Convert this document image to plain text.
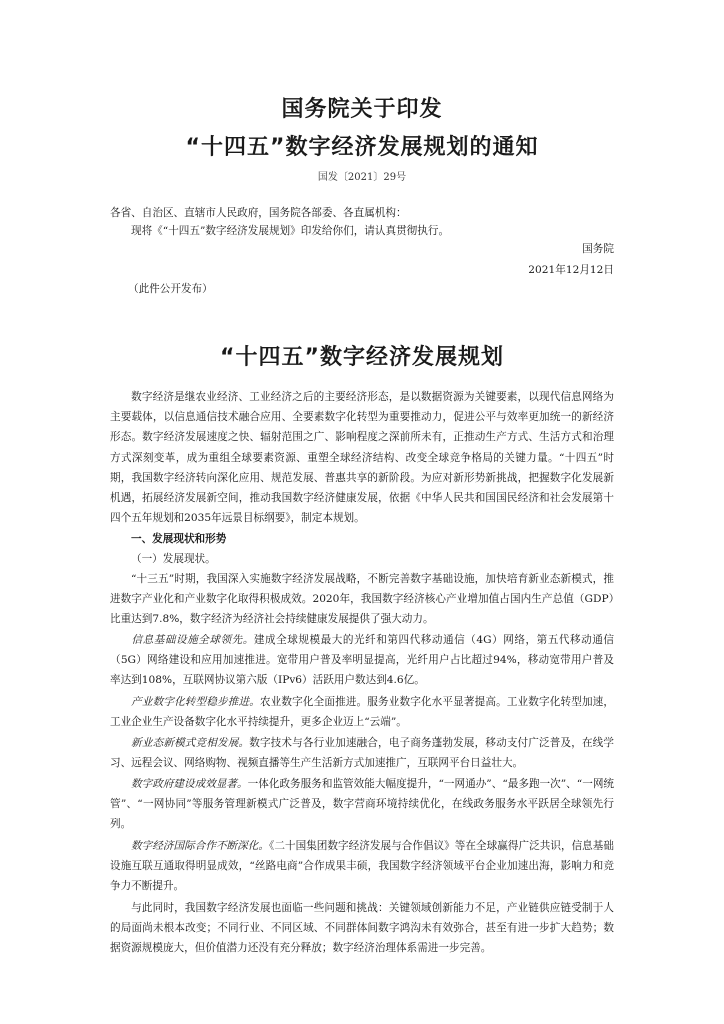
国务院关于印发
“十四五”数字经济发展规划的通知
国发〔2021〕29号
各省、自治区、直辖市人民政府，国务院各部委、各直属机构：
现将《“十四五”数字经济发展规划》印发给你们，请认真贯彻执行。
国务院
2021年12月12日
（此件公开发布）
“十四五”数字经济发展规划
数字经济是继农业经济、工业经济之后的主要经济形态，是以数据资源为关键要素，以现代信息网络为主要载体，以信息通信技术融合应用、全要素数字化转型为重要推动力，促进公平与效率更加统一的新经济形态。数字经济发展速度之快、辐射范围之广、影响程度之深前所未有，正推动生产方式、生活方式和治理方式深刻变革，成为重组全球要素资源、重塑全球经济结构、改变全球竞争格局的关键力量。“十四五”时期，我国数字经济转向深化应用、规范发展、普惠共享的新阶段。为应对新形势新挑战，把握数字化发展新机遇，拓展经济发展新空间，推动我国数字经济健康发展，依据《中华人民共和国国民经济和社会发展第十四个五年规划和2035年远景目标纲要》，制定本规划。
一、发展现状和形势
（一）发展现状。
“十三五”时期，我国深入实施数字经济发展战略，不断完善数字基础设施，加快培育新业态新模式，推进数字产业化和产业数字化取得积极成效。2020年，我国数字经济核心产业增加值占国内生产总值（GDP）比重达到7.8%，数字经济为经济社会持续健康发展提供了强大动力。
信息基础设施全球领先。建成全球规模最大的光纤和第四代移动通信（4G）网络，第五代移动通信（5G）网络建设和应用加速推进。宽带用户普及率明显提高，光纤用户占比超过94%，移动宽带用户普及率达到108%，互联网协议第六版（IPv6）活跃用户数达到4.6亿。
产业数字化转型稳步推进。农业数字化全面推进。服务业数字化水平显著提高。工业数字化转型加速，工业企业生产设备数字化水平持续提升，更多企业迈上“云端”。
新业态新模式竞相发展。数字技术与各行业加速融合，电子商务蓬勃发展，移动支付广泛普及，在线学习、远程会议、网络购物、视频直播等生产生活新方式加速推广，互联网平台日益壮大。
数字政府建设成效显著。一体化政务服务和监管效能大幅度提升，“一网通办”、“最多跑一次”、“一网统管”、“一网协同”等服务管理新模式广泛普及，数字营商环境持续优化，在线政务服务水平跃居全球领先行列。
数字经济国际合作不断深化。《二十国集团数字经济发展与合作倡议》等在全球赢得广泛共识，信息基础设施互联互通取得明显成效，“丝路电商”合作成果丰硕，我国数字经济领域平台企业加速出海，影响力和竞争力不断提升。
与此同时，我国数字经济发展也面临一些问题和挑战：关键领域创新能力不足，产业链供应链受制于人的局面尚未根本改变；不同行业、不同区域、不同群体间数字鸿沟未有效弥合，甚至有进一步扩大趋势；数据资源规模庞大，但价值潜力还没有充分释放；数字经济治理体系需进一步完善。
